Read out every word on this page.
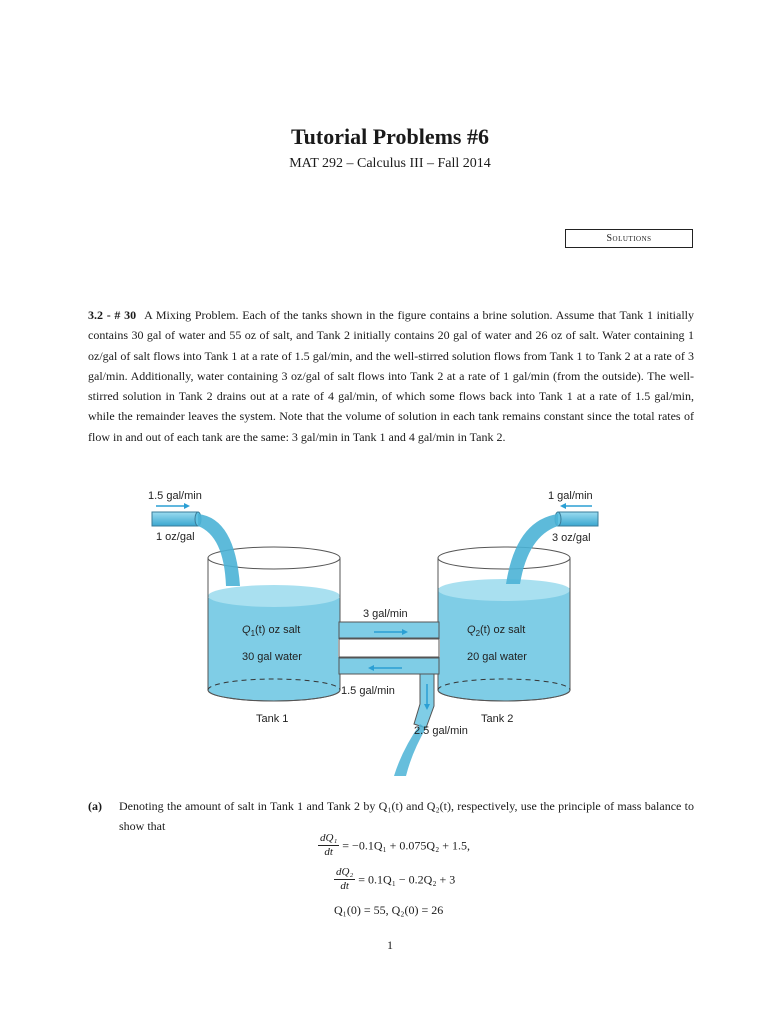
Tutorial Problems #6
MAT 292 – Calculus III – Fall 2014
Solutions
3.2 - # 30 A Mixing Problem. Each of the tanks shown in the figure contains a brine solution. Assume that Tank 1 initially contains 30 gal of water and 55 oz of salt, and Tank 2 initially contains 20 gal of water and 26 oz of salt. Water containing 1 oz/gal of salt flows into Tank 1 at a rate of 1.5 gal/min, and the well-stirred solution flows from Tank 1 to Tank 2 at a rate of 3 gal/min. Additionally, water containing 3 oz/gal of salt flows into Tank 2 at a rate of 1 gal/min (from the outside). The well-stirred solution in Tank 2 drains out at a rate of 4 gal/min, of which some flows back into Tank 1 at a rate of 1.5 gal/min, while the remainder leaves the system. Note that the volume of solution in each tank remains constant since the total rates of flow in and out of each tank are the same: 3 gal/min in Tank 1 and 4 gal/min in Tank 2.
1.5 gal/min
1 oz/gal
1 gal/min
3 oz/gal
$Q_1(t)$ oz salt
30 gal water
$Q_2(t)$ oz salt
20 gal water
3 gal/min
1.5 gal/min
2.5 gal/min
Tank 1	Tank 2
(a) Denoting the amount of salt in Tank 1 and Tank 2 by Q₁(t) and Q₂(t), respectively, use the principle of mass balance to show that
$\frac{\text{dQ₁}}{dt} = -0.1Q_1 + 0.075Q_2 + 1.5$,
$\frac{\text{dQ₂}}{dt} = 0.1Q_1 - 0.2Q_2 + 3$
Q₁(0) = 55, Q₂(0) = 26
1
